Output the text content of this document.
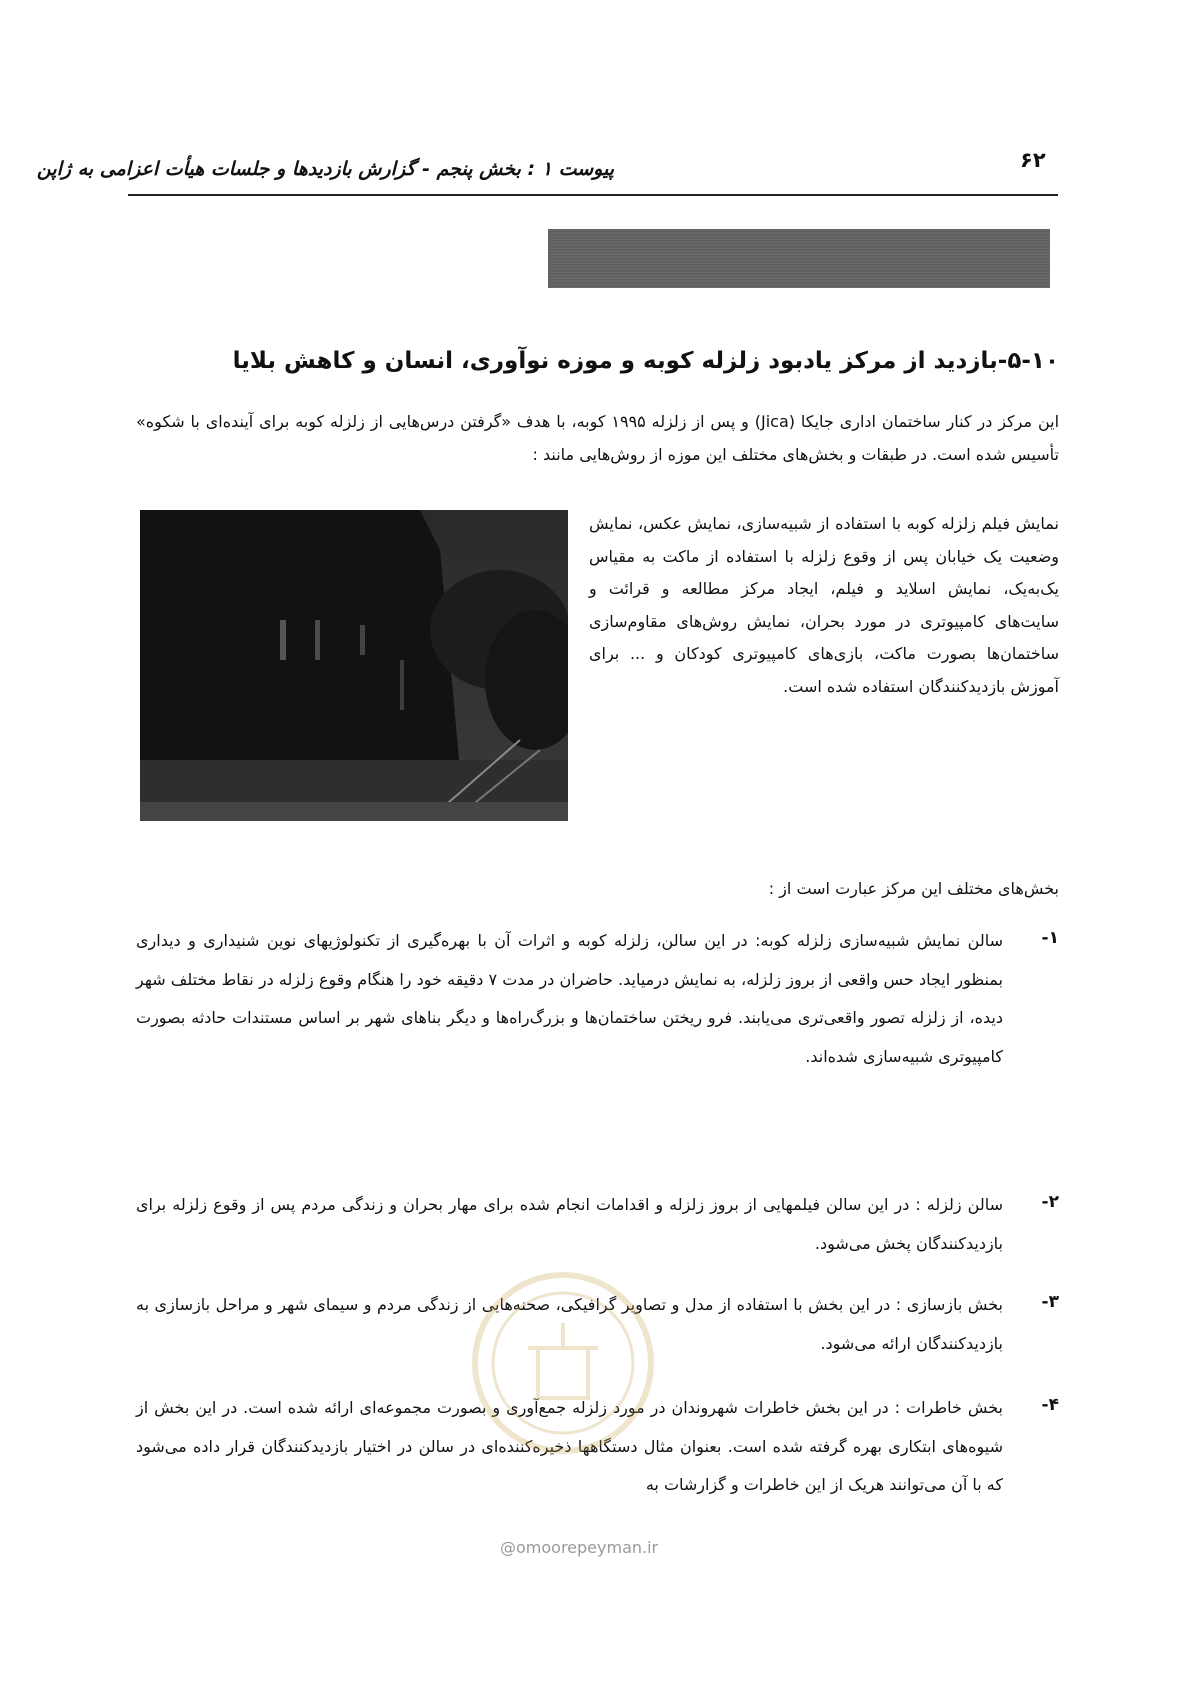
۶۲
پیوست ۱ : بخش پنجم - گزارش بازدیدها و جلسات هیأت اعزامی به ژاپن
۵-۱۰-بازدید از مرکز یادبود زلزله کوبه و موزه نوآوری، انسان و کاهش بلایا
این مرکز در کنار ساختمان اداری جایکا (Jica) و پس از زلزله ۱۹۹۵ کوبه، با هدف «گرفتن درس‌هایی از زلزله کوبه برای آینده‌ای با شکوه» تأسیس شده است. در طبقات و بخش‌های مختلف این موزه از روش‌هایی مانند :
نمایش فیلم زلزله کوبه با استفاده از شبیه‌سازی، نمایش عکس، نمایش وضعیت یک خیابان پس از وقوع زلزله با استفاده از ماکت به مقیاس یک‌به‌یک، نمایش اسلاید و فیلم، ایجاد مرکز مطالعه و قرائت و سایت‌های کامپیوتری در مورد بحران، نمایش روش‌های مقاوم‌سازی ساختمان‌ها بصورت ماکت، بازی‌های کامپیوتری کودکان و ... برای آموزش بازدیدکنندگان استفاده شده است.
بخش‌های مختلف این مرکز عبارت است از :
۱-
سالن نمایش شبیه‌سازی زلزله کوبه: در این سالن، زلزله کوبه و اثرات آن با بهره‌گیری از تکنولوژیهای نوین شنیداری و دیداری بمنظور ایجاد حس واقعی از بروز زلزله، به نمایش درمیاید. حاضران در مدت ۷ دقیقه خود را هنگام وقوع زلزله در نقاط مختلف شهر دیده، از زلزله تصور واقعی‌تری می‌یابند. فرو ریختن ساختمان‌ها و بزرگ‌راه‌ها و دیگر بناهای شهر بر اساس مستندات حادثه بصورت کامپیوتری شبیه‌سازی شده‌اند.
۲-
سالن زلزله : در این سالن فیلمهایی از بروز زلزله و اقدامات انجام شده برای مهار بحران و زندگی مردم پس از وقوع زلزله برای بازدیدکنندگان پخش می‌شود.
۳-
بخش بازسازی : در این بخش با استفاده از مدل و تصاویر گرافیکی، صحنه‌هایی از زندگی مردم و سیمای شهر و مراحل بازسازی به بازدیدکنندگان ارائه می‌شود.
۴-
بخش خاطرات : در این بخش خاطرات شهروندان در مورد زلزله جمع‌آوری و بصورت مجموعه‌ای ارائه شده است. در این بخش از شیوه‌های ابتکاری بهره گرفته شده است. بعنوان مثال دستگاهها ذخیره‌کننده‌ای در سالن در اختیار بازدیدکنندگان قرار داده می‌شود که با آن می‌توانند هریک از این خاطرات و گزارشات به
@omoorepeyman.ir
